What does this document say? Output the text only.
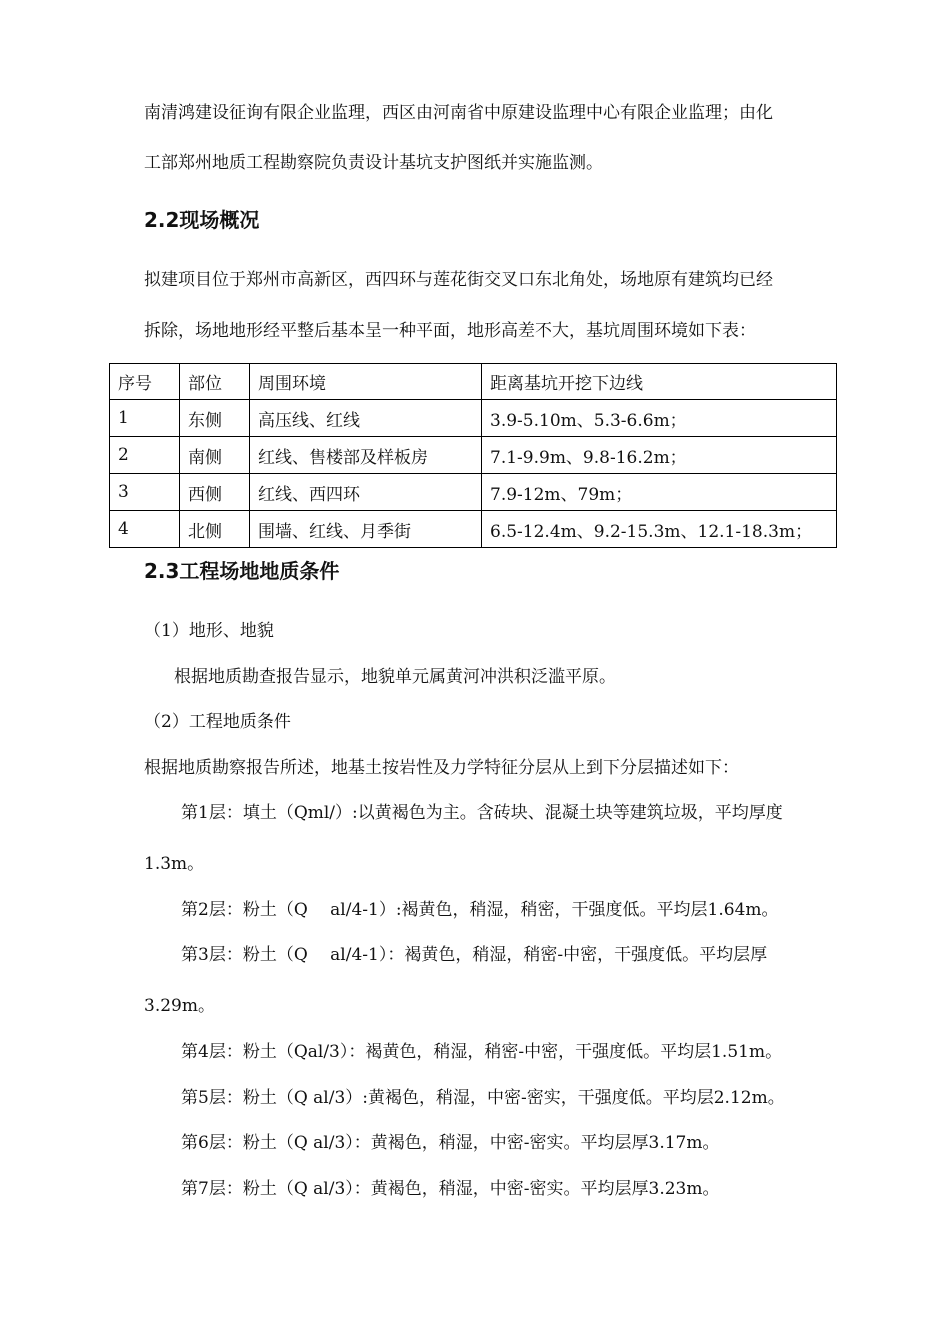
南清鸿建设征询有限企业监理，西区由河南省中原建设监理中心有限企业监理；由化
工部郑州地质工程勘察院负责设计基坑支护图纸并实施监测。
2.2现场概况
拟建项目位于郑州市高新区，西四环与莲花街交叉口东北角处，场地原有建筑均已经
拆除，场地地形经平整后基本呈一种平面，地形高差不大，基坑周围环境如下表：
序号	部位	周围环境	距离基坑开挖下边线
1	东侧	高压线、红线	3.9-5.10m、5.3-6.6m；
2	南侧	红线、售楼部及样板房	7.1-9.9m、9.8-16.2m；
3	西侧	红线、西四环	7.9-12m、79m；
4	北侧	围墙、红线、月季街	6.5-12.4m、9.2-15.3m、12.1-18.3m；
2.3工程场地地质条件
（1）地形、地貌
根据地质勘查报告显示，地貌单元属黄河冲洪积泛滥平原。
（2）工程地质条件
根据地质勘察报告所述，地基土按岩性及力学特征分层从上到下分层描述如下：
第1层：填土（Qml/）:以黄褐色为主。含砖块、混凝土块等建筑垃圾，平均厚度
1.3m。
第2层：粉土（Q　 al/4-1）:褐黄色，稍湿，稍密，干强度低。平均层1.64m。
第3层：粉土（Q　 al/4-1）：褐黄色，稍湿，稍密-中密，干强度低。平均层厚
3.29m。
第4层：粉土（Qal/3）：褐黄色，稍湿，稍密-中密，干强度低。平均层1.51m。
第5层：粉土（Q al/3）:黄褐色，稍湿，中密-密实，干强度低。平均层2.12m。
第6层：粉土（Q al/3）：黄褐色，稍湿，中密-密实。平均层厚3.17m。
第7层：粉土（Q al/3）：黄褐色，稍湿，中密-密实。平均层厚3.23m。
